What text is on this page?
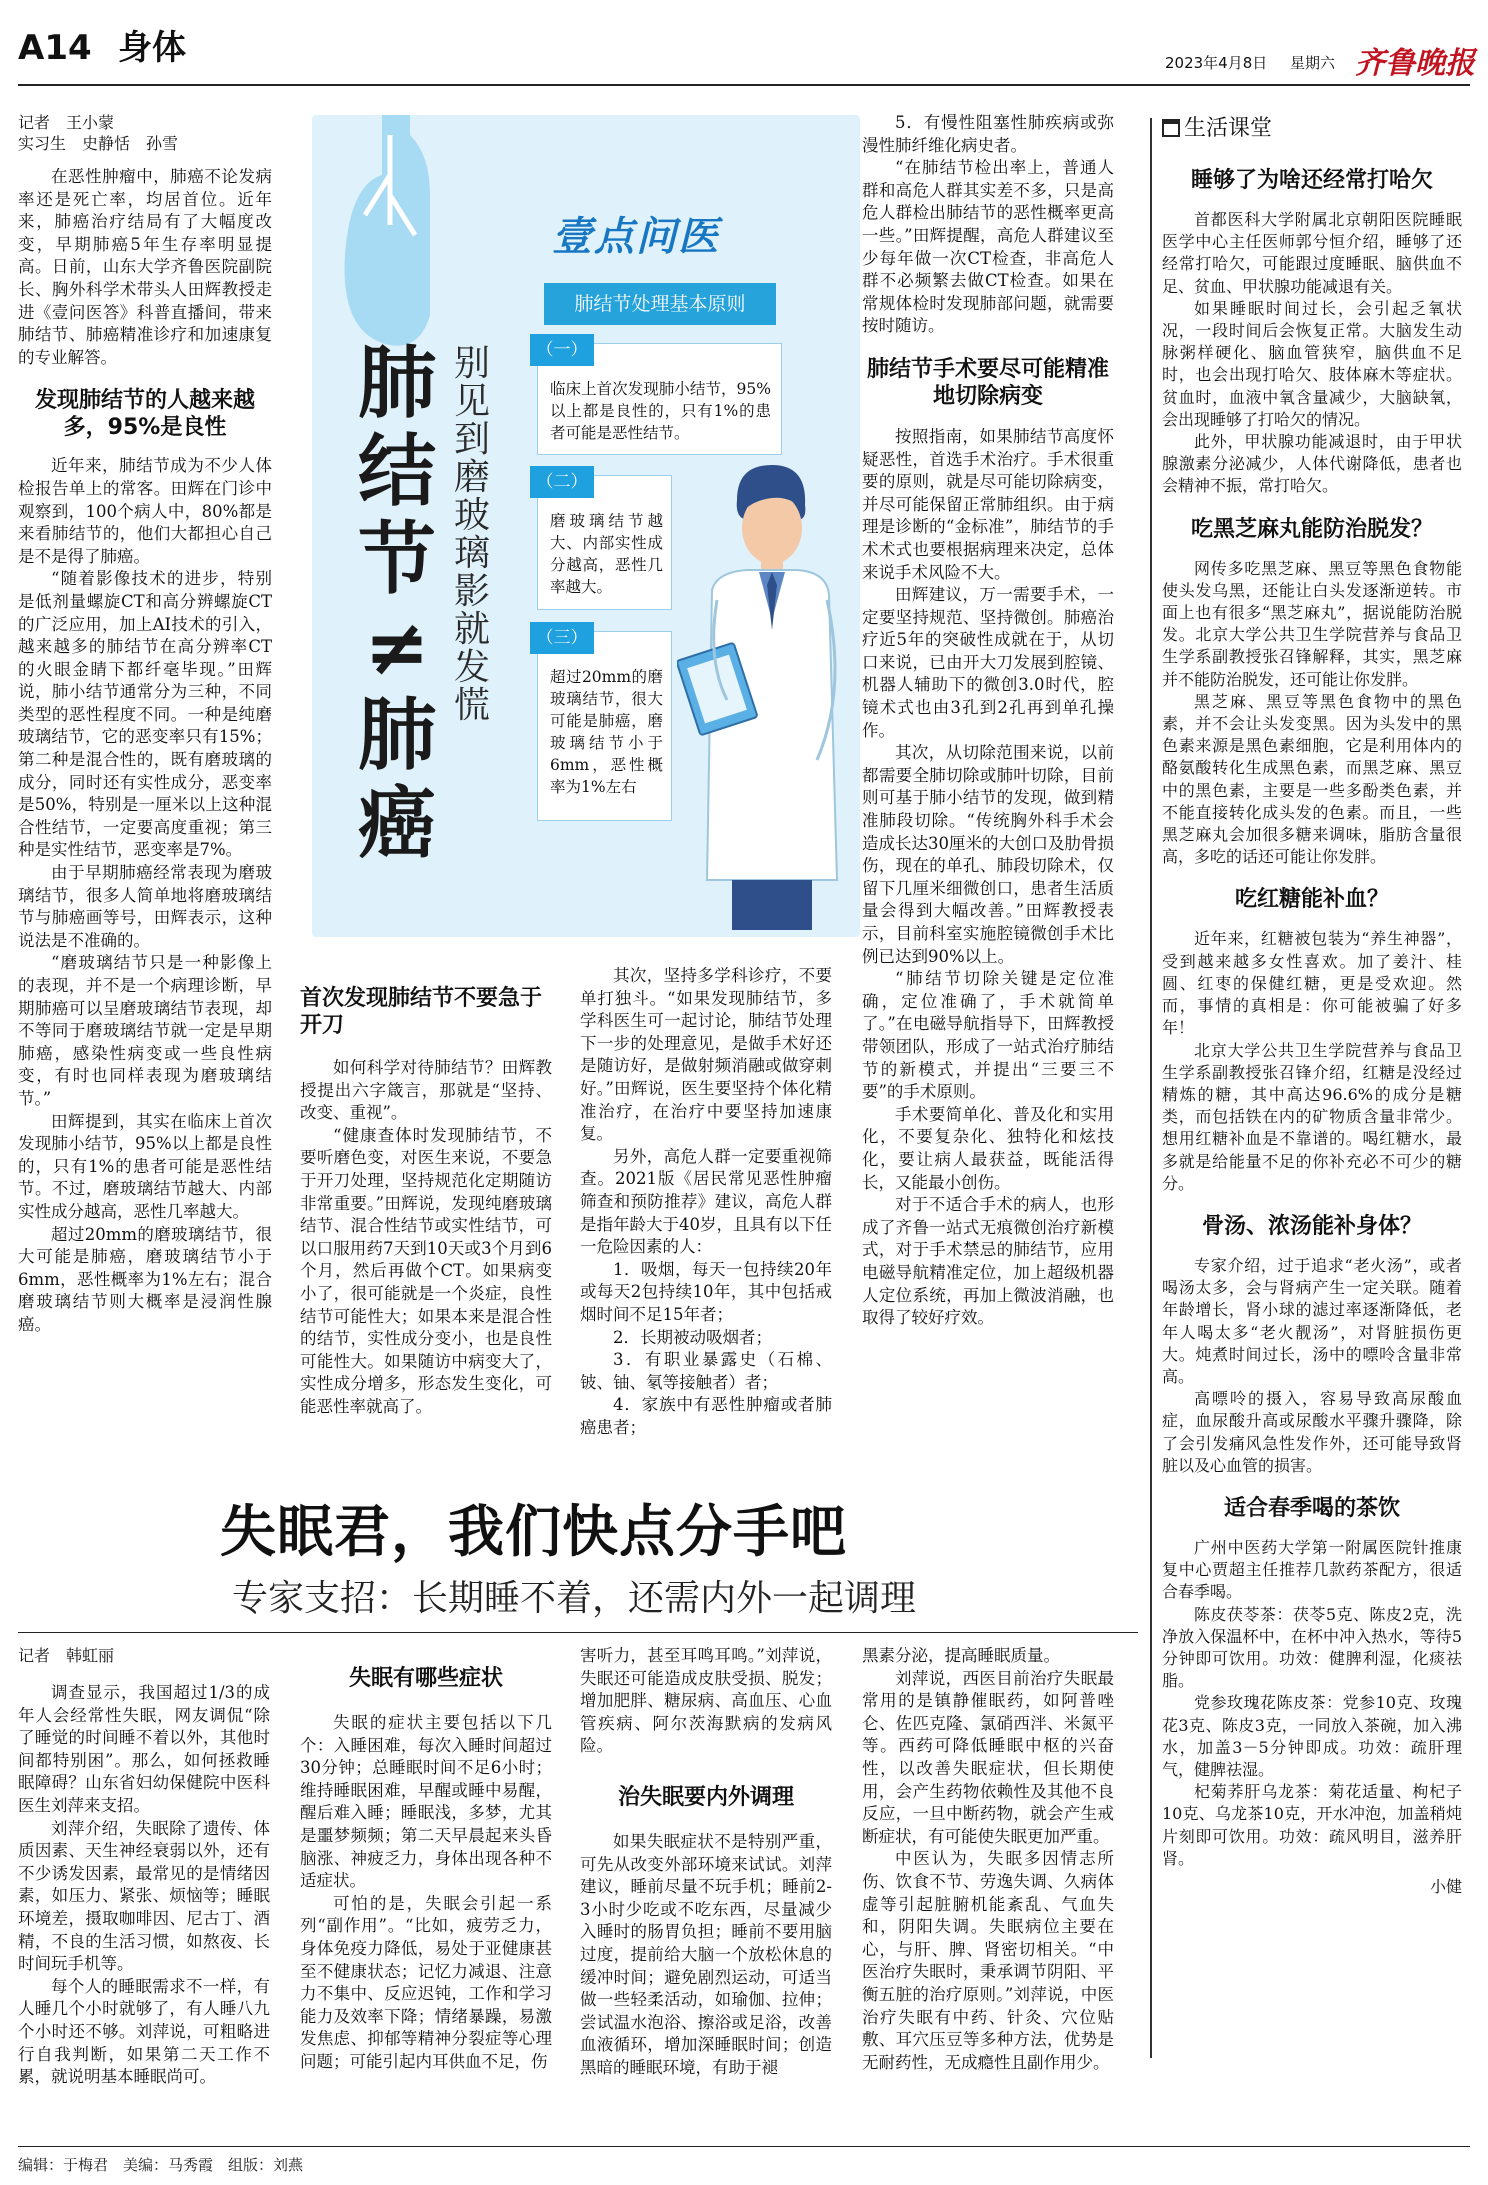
A14 身体	2023年4月8日 星期六 齐鲁晚报
记者　王小蒙
实习生　史静恬　孙雪

在恶性肿瘤中，肺癌不论发病率还是死亡率，均居首位。近年来，肺癌治疗结局有了大幅度改变，早期肺癌5年生存率明显提高。日前，山东大学齐鲁医院副院长、胸外科学术带头人田辉教授走进《壹问医答》科普直播间，带来肺结节、肺癌精准诊疗和加速康复的专业解答。

发现肺结节的人越来越多，95%是良性

近年来，肺结节成为不少人体检报告单上的常客。田辉在门诊中观察到，100个病人中，80%都是来看肺结节的，他们大都担心自己是不是得了肺癌。

“随着影像技术的进步，特别是低剂量螺旋CT和高分辨螺旋CT的广泛应用，加上AI技术的引入，越来越多的肺结节在高分辨率CT的火眼金睛下都纤毫毕现。”田辉说，肺小结节通常分为三种，不同类型的恶性程度不同。一种是纯磨玻璃结节，它的恶变率只有15%；第二种是混合性的，既有磨玻璃的成分，同时还有实性成分，恶变率是50%，特别是一厘米以上这种混合性结节，一定要高度重视；第三种是实性结节，恶变率是7%。

由于早期肺癌经常表现为磨玻璃结节，很多人简单地将磨玻璃结节与肺癌画等号，田辉表示，这种说法是不准确的。

“磨玻璃结节只是一种影像上的表现，并不是一个病理诊断，早期肺癌可以呈磨玻璃结节表现，却不等同于磨玻璃结节就一定是早期肺癌，感染性病变或一些良性病变，有时也同样表现为磨玻璃结节。”

田辉提到，其实在临床上首次发现肺小结节，95%以上都是良性的，只有1%的患者可能是恶性结节。不过，磨玻璃结节越大、内部实性成分越高，恶性几率越大。

超过20mm的磨玻璃结节，很大可能是肺癌，磨玻璃结节小于6mm，恶性概率为1%左右；混合磨玻璃结节则大概率是浸润性腺癌。

肺结节≠肺癌
别见到磨玻璃影就发慌
壹点问医
肺结节处理基本原则
（一）
临床上首次发现肺小结节，95%以上都是良性的，只有1%的患者可能是恶性结节。
（二）
磨玻璃结节越大、内部实性成分越高，恶性几率越大。
（三）
超过20mm的磨玻璃结节，很大可能是肺癌，磨玻璃结节小于6mm，恶性概率为1%左右
首次发现肺结节不要急于开刀

如何科学对待肺结节？田辉教授提出六字箴言，那就是“坚持、改变、重视”。

“健康查体时发现肺结节，不要听磨色变，对医生来说，不要急于开刀处理，坚持规范化定期随访非常重要。”田辉说，发现纯磨玻璃结节、混合性结节或实性结节，可以口服用药7天到10天或3个月到6个月，然后再做个CT。如果病变小了，很可能就是一个炎症，良性结节可能性大；如果本来是混合性的结节，实性成分变小，也是良性可能性大。如果随访中病变大了，实性成分增多，形态发生变化，可能恶性率就高了。

其次，坚持多学科诊疗，不要单打独斗。“如果发现肺结节，多学科医生可一起讨论，肺结节处理下一步的处理意见，是做手术好还是随访好，是做射频消融或做穿刺好。”田辉说，医生要坚持个体化精准治疗，在治疗中要坚持加速康复。

另外，高危人群一定要重视筛查。2021版《居民常见恶性肿瘤筛查和预防推荐》建议，高危人群是指年龄大于40岁，且具有以下任一危险因素的人：

1．吸烟，每天一包持续20年或每天2包持续10年，其中包括戒烟时间不足15年者；

2．长期被动吸烟者；

3．有职业暴露史（石棉、铍、铀、氡等接触者）者；

4．家族中有恶性肿瘤或者肺癌患者；

5．有慢性阻塞性肺疾病或弥漫性肺纤维化病史者。

“在肺结节检出率上，普通人群和高危人群其实差不多，只是高危人群检出肺结节的恶性概率更高一些。”田辉提醒，高危人群建议至少每年做一次CT检查，非高危人群不必频繁去做CT检查。如果在常规体检时发现肺部问题，就需要按时随访。

肺结节手术要尽可能精准地切除病变

按照指南，如果肺结节高度怀疑恶性，首选手术治疗。手术很重要的原则，就是尽可能切除病变，并尽可能保留正常肺组织。由于病理是诊断的“金标准”，肺结节的手术术式也要根据病理来决定，总体来说手术风险不大。

田辉建议，万一需要手术，一定要坚持规范、坚持微创。肺癌治疗近5年的突破性成就在于，从切口来说，已由开大刀发展到腔镜、机器人辅助下的微创3.0时代，腔镜术式也由3孔到2孔再到单孔操作。

其次，从切除范围来说，以前都需要全肺切除或肺叶切除，目前则可基于肺小结节的发现，做到精准肺段切除。“传统胸外科手术会造成长达30厘米的大创口及肋骨损伤，现在的单孔、肺段切除术，仅留下几厘米细微创口，患者生活质量会得到大幅改善。”田辉教授表示，目前科室实施腔镜微创手术比例已达到90%以上。

“肺结节切除关键是定位准确，定位准确了，手术就简单了。”在电磁导航指导下，田辉教授带领团队，形成了一站式治疗肺结节的新模式，并提出“三要三不要”的手术原则。

手术要简单化、普及化和实用化，不要复杂化、独特化和炫技化，要让病人最获益，既能活得长，又能最小创伤。

对于不适合手术的病人，也形成了齐鲁一站式无痕微创治疗新模式，对于手术禁忌的肺结节，应用电磁导航精准定位，加上超级机器人定位系统，再加上微波消融，也取得了较好疗效。

生活课堂
睡够了为啥还经常打哈欠

首都医科大学附属北京朝阳医院睡眠医学中心主任医师郭兮恒介绍，睡够了还经常打哈欠，可能跟过度睡眠、脑供血不足、贫血、甲状腺功能减退有关。

如果睡眠时间过长，会引起乏氧状况，一段时间后会恢复正常。大脑发生动脉粥样硬化、脑血管狭窄，脑供血不足时，也会出现打哈欠、肢体麻木等症状。贫血时，血液中氧含量减少，大脑缺氧，会出现睡够了打哈欠的情况。

此外，甲状腺功能减退时，由于甲状腺激素分泌减少，人体代谢降低，患者也会精神不振，常打哈欠。

吃黑芝麻丸能防治脱发？

网传多吃黑芝麻、黑豆等黑色食物能使头发乌黑，还能让白头发逐渐逆转。市面上也有很多“黑芝麻丸”，据说能防治脱发。北京大学公共卫生学院营养与食品卫生学系副教授张召锋解释，其实，黑芝麻并不能防治脱发，还可能让你发胖。

黑芝麻、黑豆等黑色食物中的黑色素，并不会让头发变黑。因为头发中的黑色素来源是黑色素细胞，它是利用体内的酪氨酸转化生成黑色素，而黑芝麻、黑豆中的黑色素，主要是一些多酚类色素，并不能直接转化成头发的色素。而且，一些黑芝麻丸会加很多糖来调味，脂肪含量很高，多吃的话还可能让你发胖。

吃红糖能补血？

近年来，红糖被包装为“养生神器”，受到越来越多女性喜欢。加了姜汁、桂圆、红枣的保健红糖，更是受欢迎。然而，事情的真相是：你可能被骗了好多年！

北京大学公共卫生学院营养与食品卫生学系副教授张召锋介绍，红糖是没经过精炼的糖，其中高达96.6%的成分是糖类，而包括铁在内的矿物质含量非常少。想用红糖补血是不靠谱的。喝红糖水，最多就是给能量不足的你补充必不可少的糖分。

骨汤、浓汤能补身体？

专家介绍，过于追求“老火汤”，或者喝汤太多，会与肾病产生一定关联。随着年龄增长，肾小球的滤过率逐渐降低，老年人喝太多“老火靓汤”，对肾脏损伤更大。炖煮时间过长，汤中的嘌呤含量非常高。

高嘌呤的摄入，容易导致高尿酸血症，血尿酸升高或尿酸水平骤升骤降，除了会引发痛风急性发作外，还可能导致肾脏以及心血管的损害。

适合春季喝的茶饮

广州中医药大学第一附属医院针推康复中心贾超主任推荐几款药茶配方，很适合春季喝。

陈皮茯苓茶：茯苓5克、陈皮2克，洗净放入保温杯中，在杯中冲入热水，等待5分钟即可饮用。功效：健脾利湿，化痰祛脂。

党参玫瑰花陈皮茶：党参10克、玫瑰花3克、陈皮3克，一同放入茶碗，加入沸水，加盖3－5分钟即成。功效：疏肝理气，健脾祛湿。

杞菊荞肝乌龙茶：菊花适量、枸杞子10克、乌龙茶10克，开水冲泡，加盖稍炖片刻即可饮用。功效：疏风明目，滋养肝肾。

小健
失眠君，我们快点分手吧
专家支招：长期睡不着，还需内外一起调理
记者　韩虹丽

调查显示，我国超过1/3的成年人会经常性失眠，网友调侃“除了睡觉的时间睡不着以外，其他时间都特别困”。那么，如何拯救睡眠障碍？山东省妇幼保健院中医科医生刘萍来支招。

刘萍介绍，失眠除了遗传、体质因素、天生神经衰弱以外，还有不少诱发因素，最常见的是情绪因素，如压力、紧张、烦恼等；睡眠环境差，摄取咖啡因、尼古丁、酒精，不良的生活习惯，如熬夜、长时间玩手机等。

每个人的睡眠需求不一样，有人睡几个小时就够了，有人睡八九个小时还不够。刘萍说，可粗略进行自我判断，如果第二天工作不累，就说明基本睡眠尚可。

失眠有哪些症状

失眠的症状主要包括以下几个：入睡困难，每次入睡时间超过30分钟；总睡眠时间不足6小时；维持睡眠困难，早醒或睡中易醒，醒后难入睡；睡眠浅，多梦，尤其是噩梦频频；第二天早晨起来头昏脑涨、神疲乏力，身体出现各种不适症状。

可怕的是，失眠会引起一系列“副作用”。“比如，疲劳乏力，身体免疫力降低，易处于亚健康甚至不健康状态；记忆力减退、注意力不集中、反应迟钝，工作和学习能力及效率下降；情绪暴躁，易激发焦虑、抑郁等精神分裂症等心理问题；可能引起内耳供血不足，伤

害听力，甚至耳鸣耳鸣。”刘萍说，失眠还可能造成皮肤受损、脱发；增加肥胖、糖尿病、高血压、心血管疾病、阿尔茨海默病的发病风险。

治失眠要内外调理

如果失眠症状不是特别严重，可先从改变外部环境来试试。刘萍建议，睡前尽量不玩手机；睡前2-3小时少吃或不吃东西，尽量减少入睡时的肠胃负担；睡前不要用脑过度，提前给大脑一个放松休息的缓冲时间；避免剧烈运动，可适当做一些轻柔活动，如瑜伽、拉伸；尝试温水泡浴、擦浴或足浴，改善血液循环，增加深睡眠时间；创造黑暗的睡眠环境，有助于褪

黑素分泌，提高睡眠质量。

刘萍说，西医目前治疗失眠最常用的是镇静催眠药，如阿普唑仑、佐匹克隆、氯硝西泮、米氮平等。西药可降低睡眠中枢的兴奋性，以改善失眠症状，但长期使用，会产生药物依赖性及其他不良反应，一旦中断药物，就会产生戒断症状，有可能使失眠更加严重。

中医认为，失眠多因情志所伤、饮食不节、劳逸失调、久病体虚等引起脏腑机能紊乱、气血失和，阴阳失调。失眠病位主要在心，与肝、脾、肾密切相关。“中医治疗失眠时，秉承调节阴阳、平衡五脏的治疗原则。”刘萍说，中医治疗失眠有中药、针灸、穴位贴敷、耳穴压豆等多种方法，优势是无耐药性，无成瘾性且副作用少。

编辑：于梅君　美编：马秀霞　组版：刘燕
